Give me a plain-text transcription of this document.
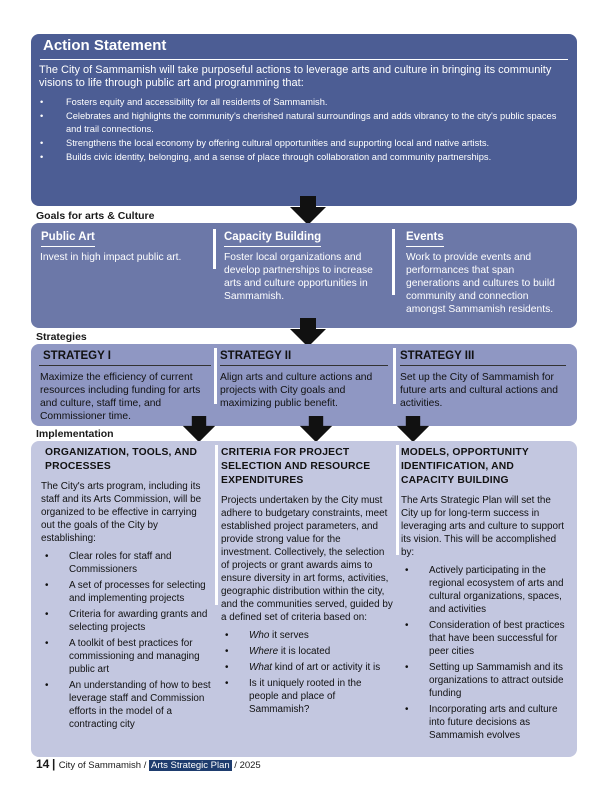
Action Statement

The City of Sammamish will take purposeful actions to leverage arts and culture in bringing its community visions to life through public art and programming that:

• Fosters equity and accessibility for all residents of Sammamish.
• Celebrates and highlights the community's cherished natural surroundings and adds vibrancy to the city's public spaces and trail connections.
• Strengthens the local economy by offering cultural opportunities and supporting local and native artists.
• Builds civic identity, belonging, and a sense of place through collaboration and community partnerships.
Goals for arts & Culture
Public Art

Invest in high impact public art.

Capacity Building

Foster local organizations and develop partnerships to increase arts and culture opportunities in Sammamish.

Events

Work to provide events and performances that span generations and cultures to build community and connection amongst Sammamish residents.

Strategies
STRATEGY I

Maximize the efficiency of current resources including funding for arts and culture, staff time, and Commissioner time.

STRATEGY II

Align arts and culture actions and projects with City goals and maximizing public benefit.

STRATEGY III

Set up the City of Sammamish for future arts and cultural actions and activities.

Implementation
ORGANIZATION, TOOLS, AND PROCESSES

The City's arts program, including its staff and its Arts Commission, will be organized to be effective in carrying out the goals of the City by establishing:

• Clear roles for staff and Commissioners
• A set of processes for selecting and implementing projects
• Criteria for awarding grants and selecting projects
• A toolkit of best practices for commissioning and managing public art
• An understanding of how to best leverage staff and Commission efforts in the model of a contracting city
CRITERIA FOR PROJECT SELECTION AND RESOURCE EXPENDITURES

Projects undertaken by the City must adhere to budgetary constraints, meet established project parameters, and provide strong value for the investment. Collectively, the selection of projects or grant awards aims to ensure diversity in art forms, activities, geographic distribution within the city, and the communities served, guided by a defined set of criteria based on:

• Who it serves
• Where it is located
• What kind of art or activity it is
• Is it uniquely rooted in the people and place of Sammamish?
MODELS, OPPORTUNITY IDENTIFICATION, AND CAPACITY BUILDING

The Arts Strategic Plan will set the City up for long-term success in leveraging arts and culture to support its vision. This will be accomplished by:

• Actively participating in the regional ecosystem of arts and cultural organizations, spaces, and activities
• Consideration of best practices that have been successful for peer cities
• Setting up Sammamish and its organizations to attract outside funding
• Incorporating arts and culture into future decisions as Sammamish evolves
14 | City of Sammamish / Arts Strategic Plan / 2025
